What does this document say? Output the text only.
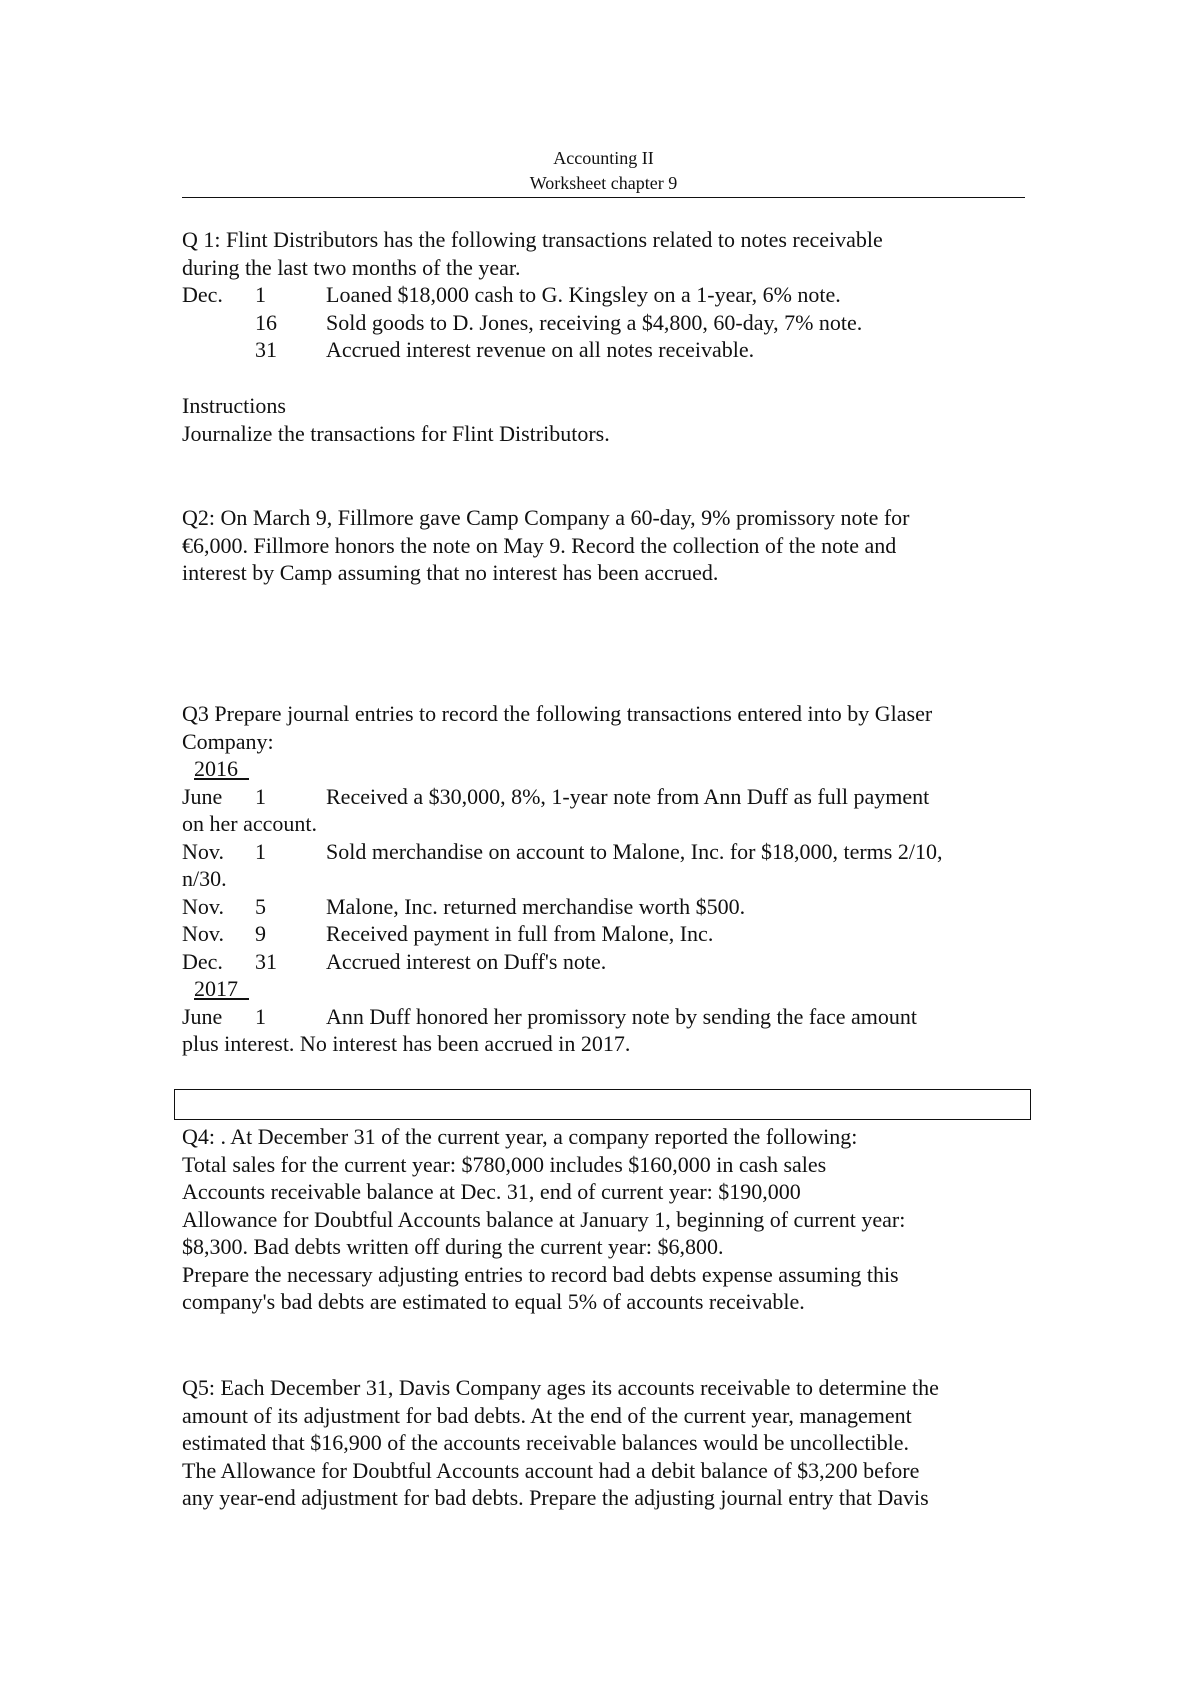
Accounting II
Worksheet chapter 9
Q 1: Flint Distributors has the following transactions related to notes receivable
during the last two months of the year.
Dec.	1	Loaned $18,000 cash to G. Kingsley on a 1-year, 6% note.
16	Sold goods to D. Jones, receiving a $4,800, 60-day, 7% note.
31	Accrued interest revenue on all notes receivable.
Instructions
Journalize the transactions for Flint Distributors.
Q2: On March 9, Fillmore gave Camp Company a 60-day, 9% promissory note for
€6,000. Fillmore honors the note on May 9. Record the collection of the note and
interest by Camp assuming that no interest has been accrued.
Q3 Prepare journal entries to record the following transactions entered into by Glaser
Company:
2016
June 1	Received a $30,000, 8%, 1-year note from Ann Duff as full payment
on her account.
Nov. 1	Sold merchandise on account to Malone, Inc. for $18,000, terms 2/10,
n/30.
Nov. 5	Malone, Inc. returned merchandise worth $500.
Nov. 9	Received payment in full from Malone, Inc.
Dec. 31 Accrued interest on Duff's note.
2017
June 1	Ann Duff honored her promissory note by sending the face amount
plus interest. No interest has been accrued in 2017.
Q4: . At December 31 of the current year, a company reported the following:
Total sales for the current year: $780,000 includes $160,000 in cash sales
Accounts receivable balance at Dec. 31, end of current year: $190,000
Allowance for Doubtful Accounts balance at January 1, beginning of current year:
$8,300. Bad debts written off during the current year: $6,800.
Prepare the necessary adjusting entries to record bad debts expense assuming this
company's bad debts are estimated to equal 5% of accounts receivable.
Q5: Each December 31, Davis Company ages its accounts receivable to determine the
amount of its adjustment for bad debts. At the end of the current year, management
estimated that $16,900 of the accounts receivable balances would be uncollectible.
The Allowance for Doubtful Accounts account had a debit balance of $3,200 before
any year-end adjustment for bad debts. Prepare the adjusting journal entry that Davis
